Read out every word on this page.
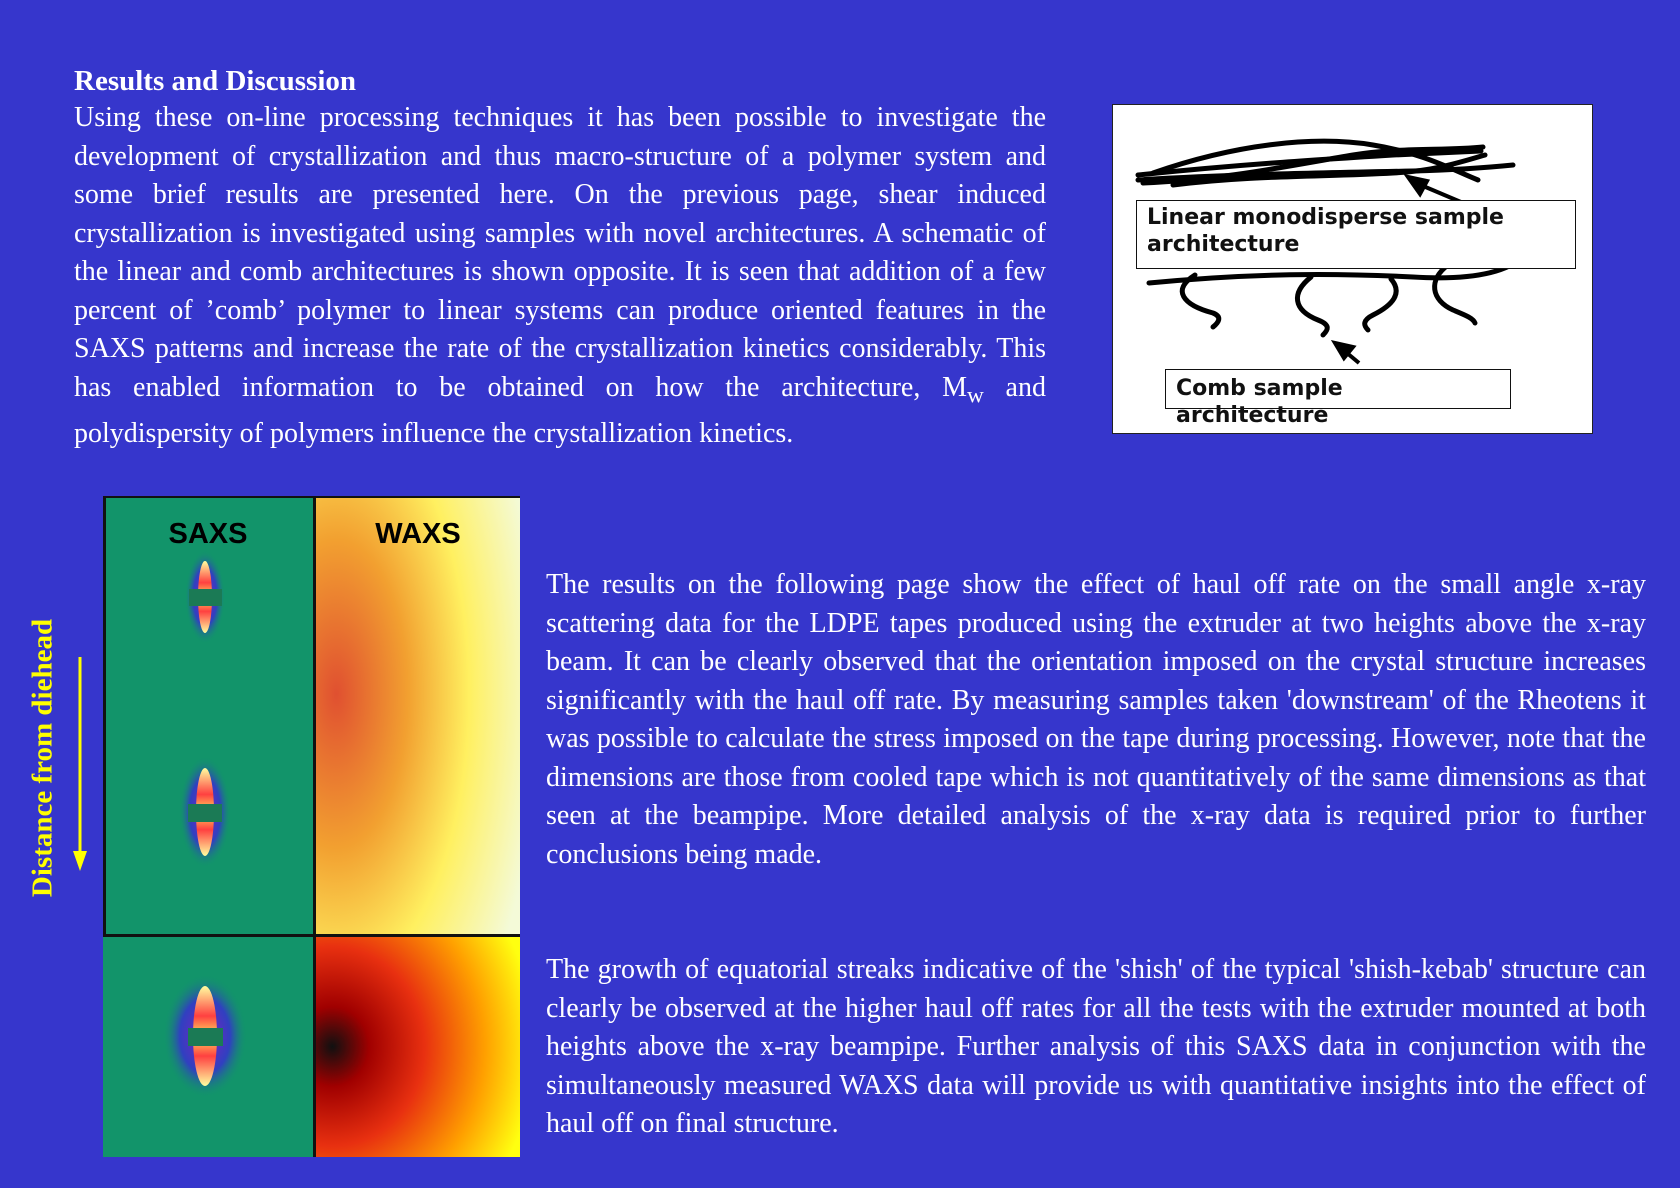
Results and Discussion

Using these on-line processing techniques it has been possible to investigate the development of crystallization and thus macro-structure of a polymer system and some brief results are presented here. On the previous page, shear induced crystallization is investigated using samples with novel architectures. A schematic of the linear and comb architectures is shown opposite. It is seen that addition of a few percent of ’comb’ polymer to linear systems can produce oriented features in the SAXS patterns and increase the rate of the crystallization kinetics considerably. This has enabled information to be obtained on how the architecture, $M_w$ and polydispersity of polymers influence the crystallization kinetics.

Linear monodisperse sample architecture
Comb sample architecture
SAXS	WAXS
Distance from diehead

The results on the following page show the effect of haul off rate on the small angle x-ray scattering data for the LDPE tapes produced using the extruder at two heights above the x-ray beam. It can be clearly observed that the orientation imposed on the crystal structure increases significantly with the haul off rate. By measuring samples taken 'downstream' of the Rheotens it was possible to calculate the stress imposed on the tape during processing. However, note that the dimensions are those from cooled tape which is not quantitatively of the same dimensions as that seen at the beampipe. More detailed analysis of the x-ray data is required prior to further conclusions being made.

The growth of equatorial streaks indicative of the 'shish' of the typical 'shish-kebab' structure can clearly be observed at the higher haul off rates for all the tests with the extruder mounted at both heights above the x-ray beampipe. Further analysis of this SAXS data in conjunction with the simultaneously measured WAXS data will provide us with quantitative insights into the effect of haul off on final structure.
